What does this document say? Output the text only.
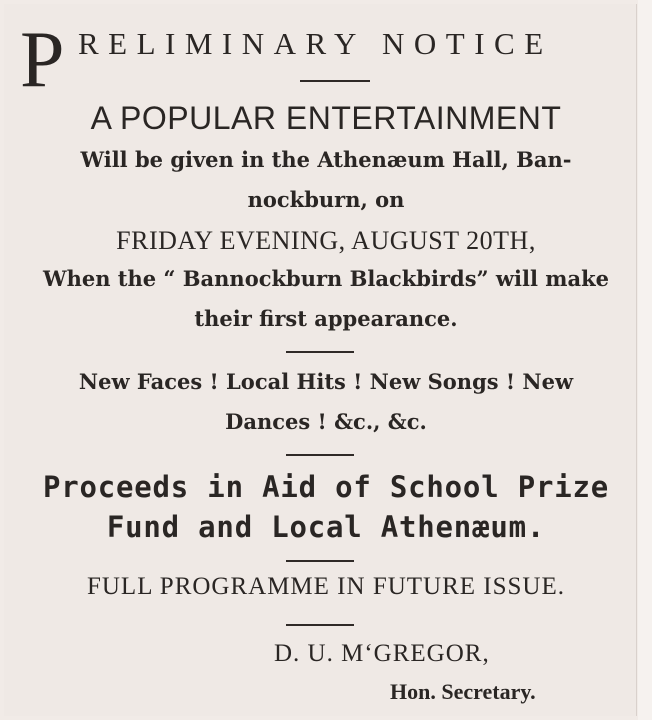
P RELIMINARY NOTICE
A POPULAR ENTERTAINMENT
Will be given in the Athenæum Hall, Ban-
nockburn, on
FRIDAY EVENING, AUGUST 20TH,
When the “ Bannockburn Blackbirds” will make
their first appearance.
New Faces ! Local Hits ! New Songs ! New
Dances ! &c., &c.
Proceeds in Aid of School Prize
Fund and Local Athenæum.
FULL PROGRAMME IN FUTURE ISSUE.
D. U. M‘GREGOR,
Hon. Secretary.
